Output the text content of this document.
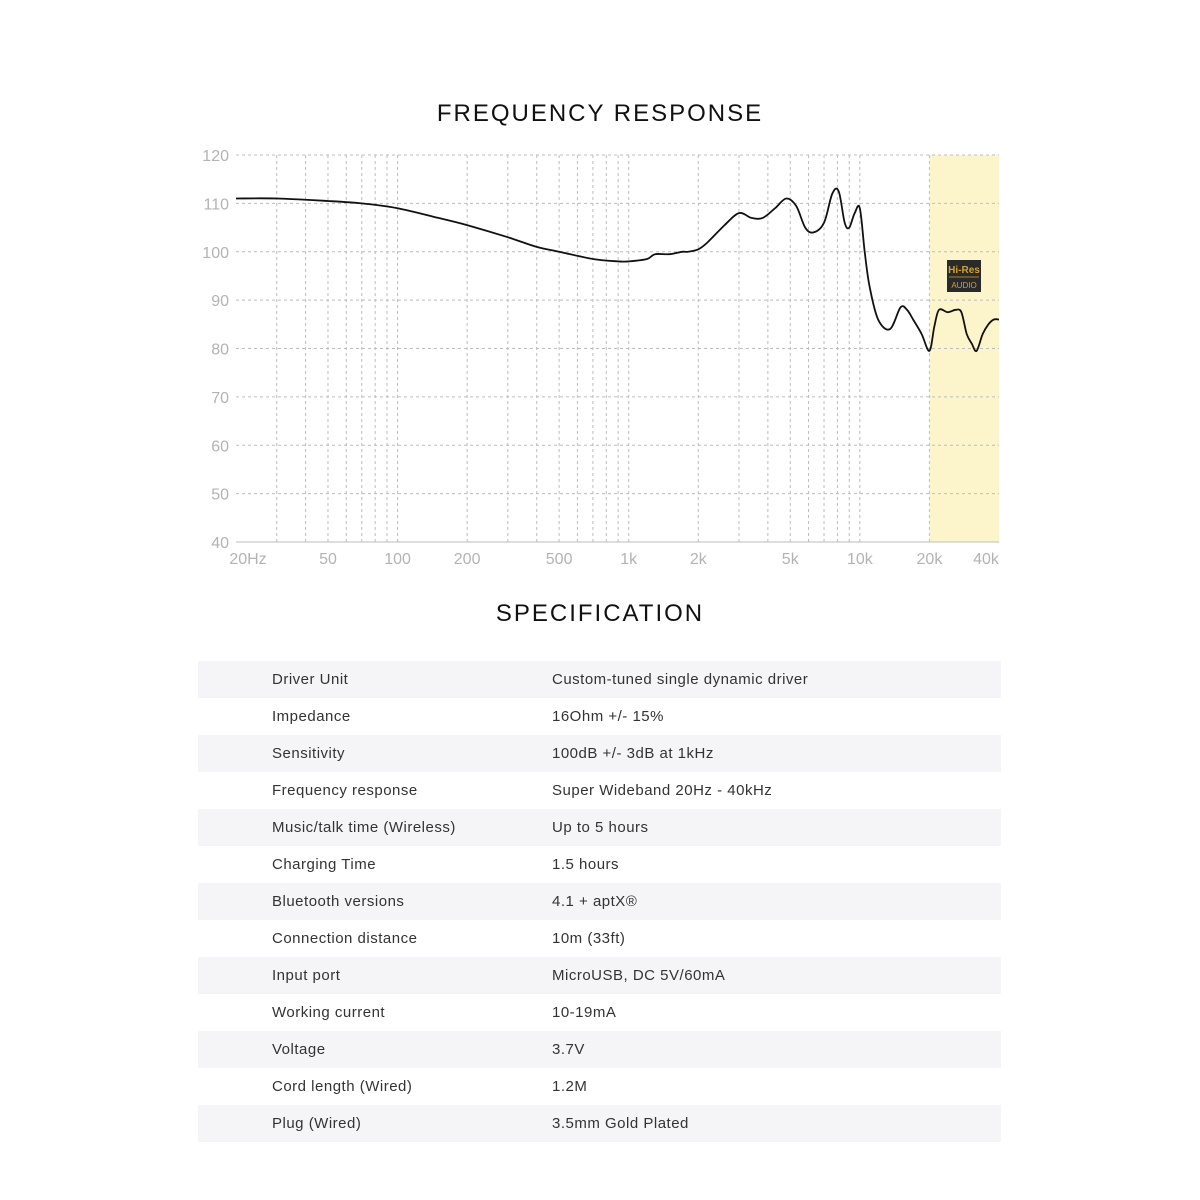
FREQUENCY RESPONSE
40
50
60
70
80
90
100
110
120
20Hz	50	100	200	500	1k	2k	5k	10k	20k 40k
Hi-Res
AUDIO
SPECIFICATION
Driver Unit	Custom-tuned single dynamic driver
Impedance	16Ohm +/- 15%
Sensitivity	100dB +/- 3dB at 1kHz
Frequency response	Super Wideband 20Hz - 40kHz
Music/talk time (Wireless)	Up to 5 hours
Charging Time	1.5 hours
Bluetooth versions	4.1 + aptX®
Connection distance	10m (33ft)
Input port	MicroUSB, DC 5V/60mA
Working current	10-19mA
Voltage	3.7V
Cord length (Wired)	1.2M
Plug (Wired)	3.5mm Gold Plated
